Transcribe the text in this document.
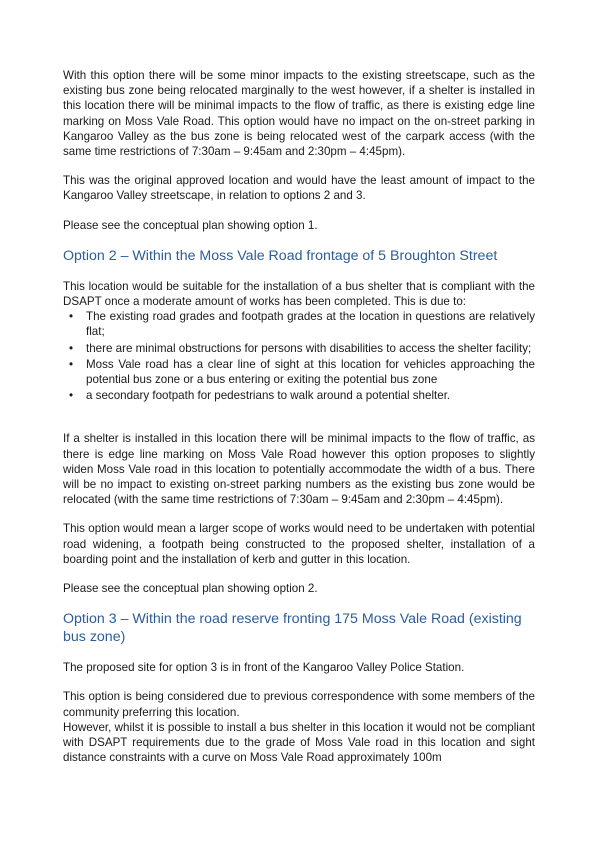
With this option there will be some minor impacts to the existing streetscape, such as the existing bus zone being relocated marginally to the west however, if a shelter is installed in this location there will be minimal impacts to the flow of traffic, as there is existing edge line marking on Moss Vale Road. This option would have no impact on the on-street parking in Kangaroo Valley as the bus zone is being relocated west of the carpark access (with the same time restrictions of 7:30am – 9:45am and 2:30pm – 4:45pm).

This was the original approved location and would have the least amount of impact to the Kangaroo Valley streetscape, in relation to options 2 and 3.

Please see the conceptual plan showing option 1.

Option 2 – Within the Moss Vale Road frontage of 5 Broughton Street

This location would be suitable for the installation of a bus shelter that is compliant with the DSAPT once a moderate amount of works has been completed. This is due to:

• The existing road grades and footpath grades at the location in questions are relatively flat;
• there are minimal obstructions for persons with disabilities to access the shelter facility;
• Moss Vale road has a clear line of sight at this location for vehicles approaching the potential bus zone or a bus entering or exiting the potential bus zone
• a secondary footpath for pedestrians to walk around a potential shelter.

If a shelter is installed in this location there will be minimal impacts to the flow of traffic, as there is edge line marking on Moss Vale Road however this option proposes to slightly widen Moss Vale road in this location to potentially accommodate the width of a bus. There will be no impact to existing on-street parking numbers as the existing bus zone would be relocated (with the same time restrictions of 7:30am – 9:45am and 2:30pm – 4:45pm).

This option would mean a larger scope of works would need to be undertaken with potential road widening, a footpath being constructed to the proposed shelter, installation of a boarding point and the installation of kerb and gutter in this location.

Please see the conceptual plan showing option 2.

Option 3 – Within the road reserve fronting 175 Moss Vale Road (existing bus zone)

The proposed site for option 3 is in front of the Kangaroo Valley Police Station.

This option is being considered due to previous correspondence with some members of the community preferring this location.

However, whilst it is possible to install a bus shelter in this location it would not be compliant with DSAPT requirements due to the grade of Moss Vale road in this location and sight distance constraints with a curve on Moss Vale Road approximately 100m
